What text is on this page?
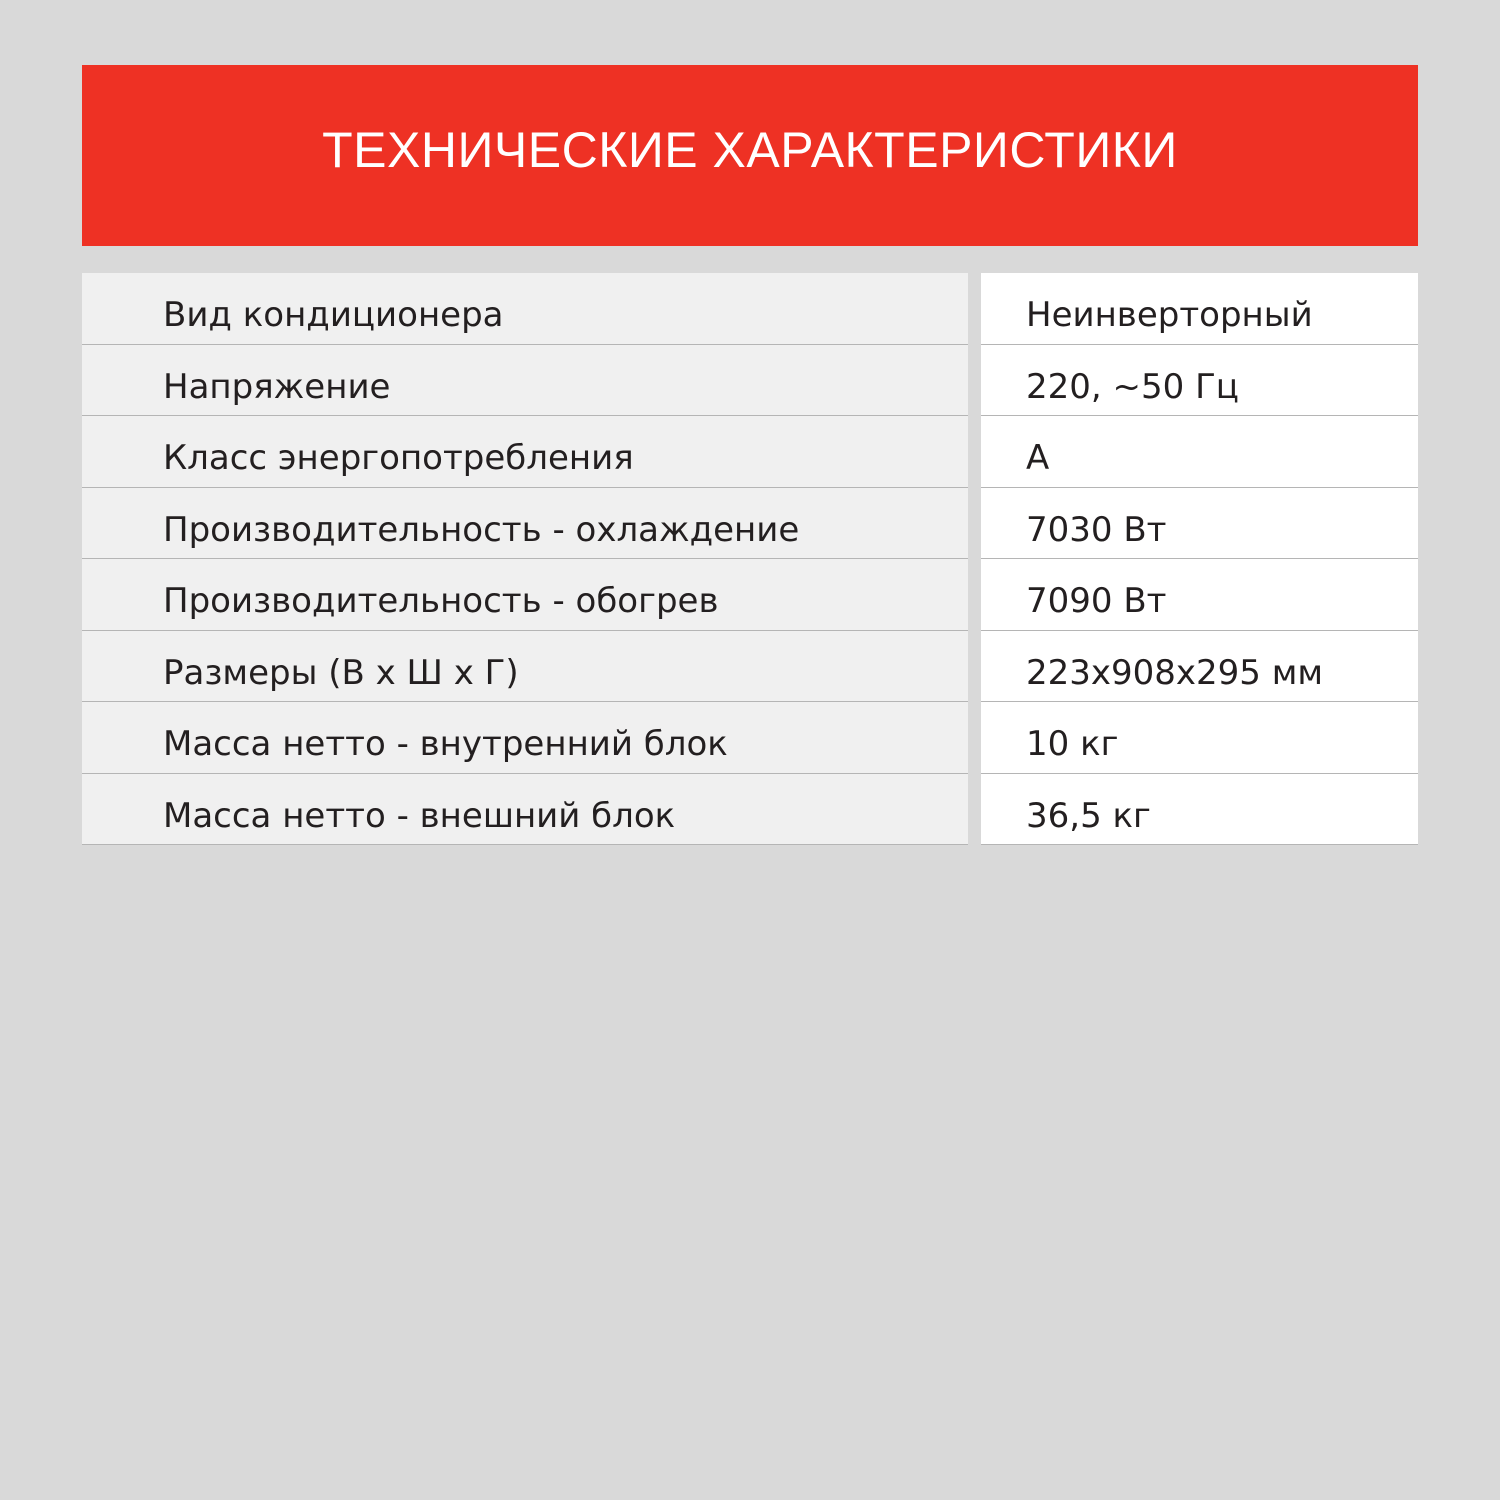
ТЕХНИЧЕСКИЕ ХАРАКТЕРИСТИКИ
Вид кондиционера	Неинверторный
Напряжение	220, ~50 Гц
Класс энергопотребления	А
Производительность - охлаждение	7030 Вт
Производительность - обогрев	7090 Вт
Размеры (В х Ш х Г)	223х908х295 мм
Масса нетто - внутренний блок	10 кг
Масса нетто - внешний блок	36,5 кг
